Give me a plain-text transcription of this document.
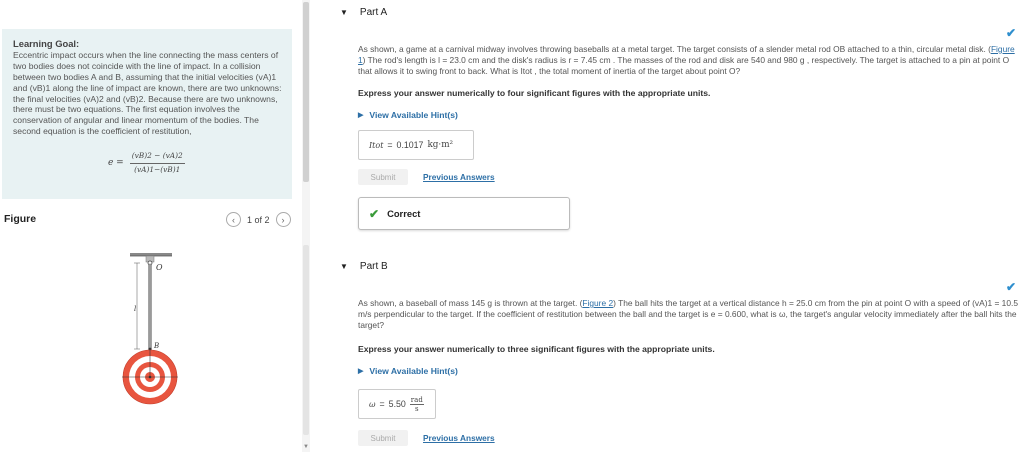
Learning Goal:
Eccentric impact occurs when the line connecting the mass centers of two bodies does not coincide with the line of impact. In a collision between two bodies A and B, assuming that the initial velocities (vA)1 and (vB)1 along the line of impact are known, there are two unknowns: the final velocities (vA)2 and (vB)2. Because there are two unknowns, there must be two equations. The first equation involves the conservation of angular and linear momentum of the bodies. The second equation is the coefficient of restitution,
$e = \frac{(vB)2 - (vA)2}{(vA)1-(vB)1}$
Figure	‹	1 of 2	›
O
l
B
▼
▼ Part A
✔
As shown, a game at a carnival midway involves throwing baseballs at a metal target. The target consists of a slender metal rod OB attached to a thin, circular metal disk. (Figure 1) The rod's length is l = 23.0 cm and the disk's radius is r = 7.45 cm . The masses of the rod and disk are 540 and 980 g , respectively. The target is attached to a pin at point O that allows it to swing front to back. What is Itot , the total moment of inertia of the target about point O?
Express your answer numerically to four significant figures with the appropriate units.
▶ View Available Hint(s)
Itot = 0.1017 kg·m²
Submit	Previous Answers
✔ Correct
▼ Part B
✔
As shown, a baseball of mass 145 g is thrown at the target. (Figure 2) The ball hits the target at a vertical distance h = 25.0 cm from the pin at point O with a speed of (vA)1 = 10.5 m/s perpendicular to the target. If the coefficient of restitution between the ball and the target is e = 0.600, what is ω, the target's angular velocity immediately after the ball hits the target?
Express your answer numerically to three significant figures with the appropriate units.
▶ View Available Hint(s)
ω = 5.50 rad
s
Submit	Previous Answers
